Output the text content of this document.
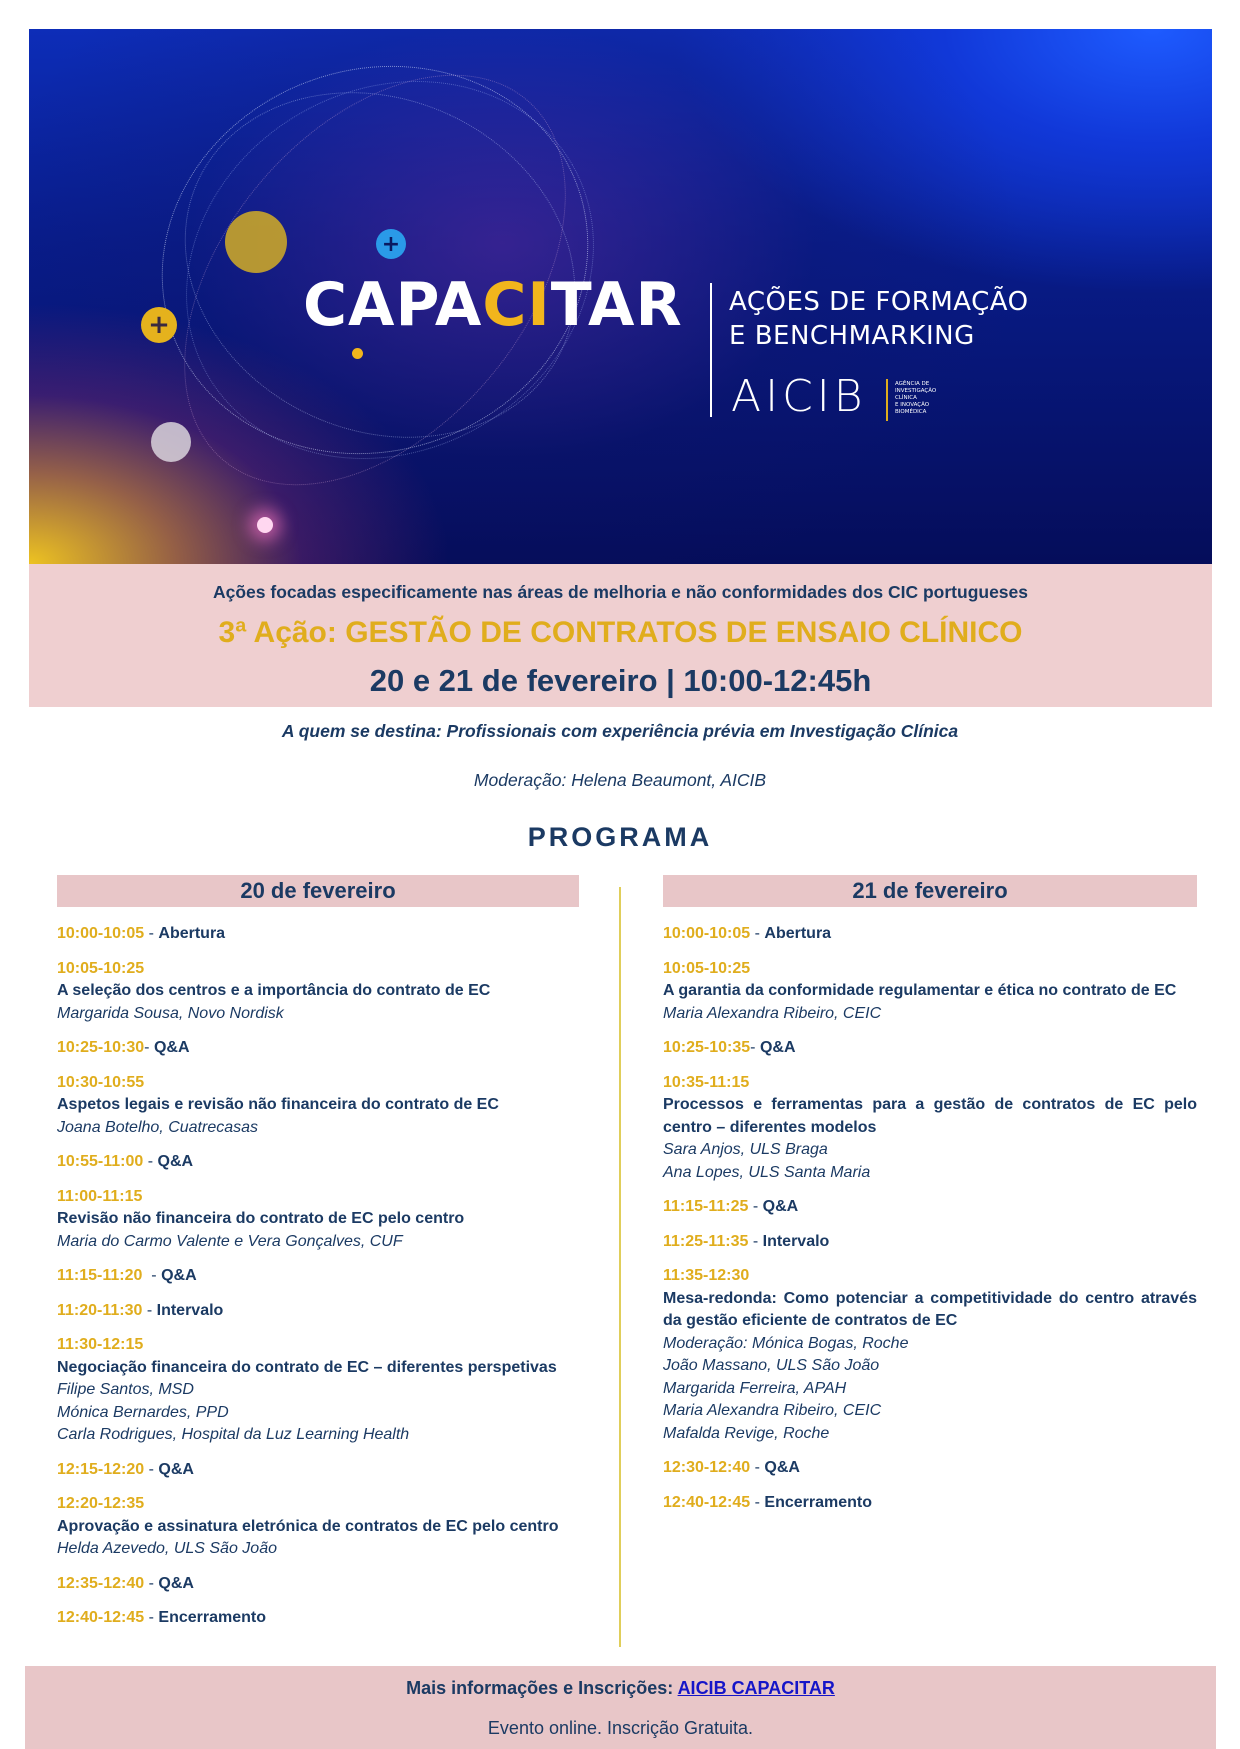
+
+ CAPACITAR AÇÕES DE FORMAÇÃO
E BENCHMARKING
AICIB	AGÊNCIA DE
INVESTIGAÇÃO
CLÍNICA
E INOVAÇÃO
BIOMÉDICA
Ações focadas especificamente nas áreas de melhoria e não conformidades dos CIC portugueses
3ª Ação: GESTÃO DE CONTRATOS DE ENSAIO CLÍNICO
20 e 21 de fevereiro | 10:00-12:45h
A quem se destina: Profissionais com experiência prévia em Investigação Clínica
Moderação: Helena Beaumont, AICIB
PROGRAMA
20 de fevereiro
10:00-10:05 - Abertura
10:05-10:25
A seleção dos centros e a importância do contrato de EC
Margarida Sousa, Novo Nordisk
10:25-10:30- Q&A
10:30-10:55
Aspetos legais e revisão não financeira do contrato de EC
Joana Botelho, Cuatrecasas
10:55-11:00 - Q&A
11:00-11:15
Revisão não financeira do contrato de EC pelo centro
Maria do Carmo Valente e Vera Gonçalves, CUF
11:15-11:20  - Q&A
11:20-11:30 - Intervalo
11:30-12:15
Negociação financeira do contrato de EC – diferentes perspetivas
Filipe Santos, MSD
Mónica Bernardes, PPD
Carla Rodrigues, Hospital da Luz Learning Health
12:15-12:20 - Q&A
12:20-12:35
Aprovação e assinatura eletrónica de contratos de EC pelo centro
Helda Azevedo, ULS São João
12:35-12:40 - Q&A
12:40-12:45 - Encerramento
21 de fevereiro
10:00-10:05 - Abertura
10:05-10:25
A garantia da conformidade regulamentar e ética no contrato de EC
Maria Alexandra Ribeiro, CEIC
10:25-10:35- Q&A
10:35-11:15
Processos e ferramentas para a gestão de contratos de EC pelo centro – diferentes modelos
Sara Anjos, ULS Braga
Ana Lopes, ULS Santa Maria
11:15-11:25 - Q&A
11:25-11:35 - Intervalo
11:35-12:30
Mesa-redonda: Como potenciar a competitividade do centro através da gestão eficiente de contratos de EC
Moderação: Mónica Bogas, Roche
João Massano, ULS São João
Margarida Ferreira, APAH
Maria Alexandra Ribeiro, CEIC
Mafalda Revige, Roche
12:30-12:40 - Q&A
12:40-12:45 - Encerramento
Mais informações e Inscrições: AICIB CAPACITAR
Evento online. Inscrição Gratuita.
